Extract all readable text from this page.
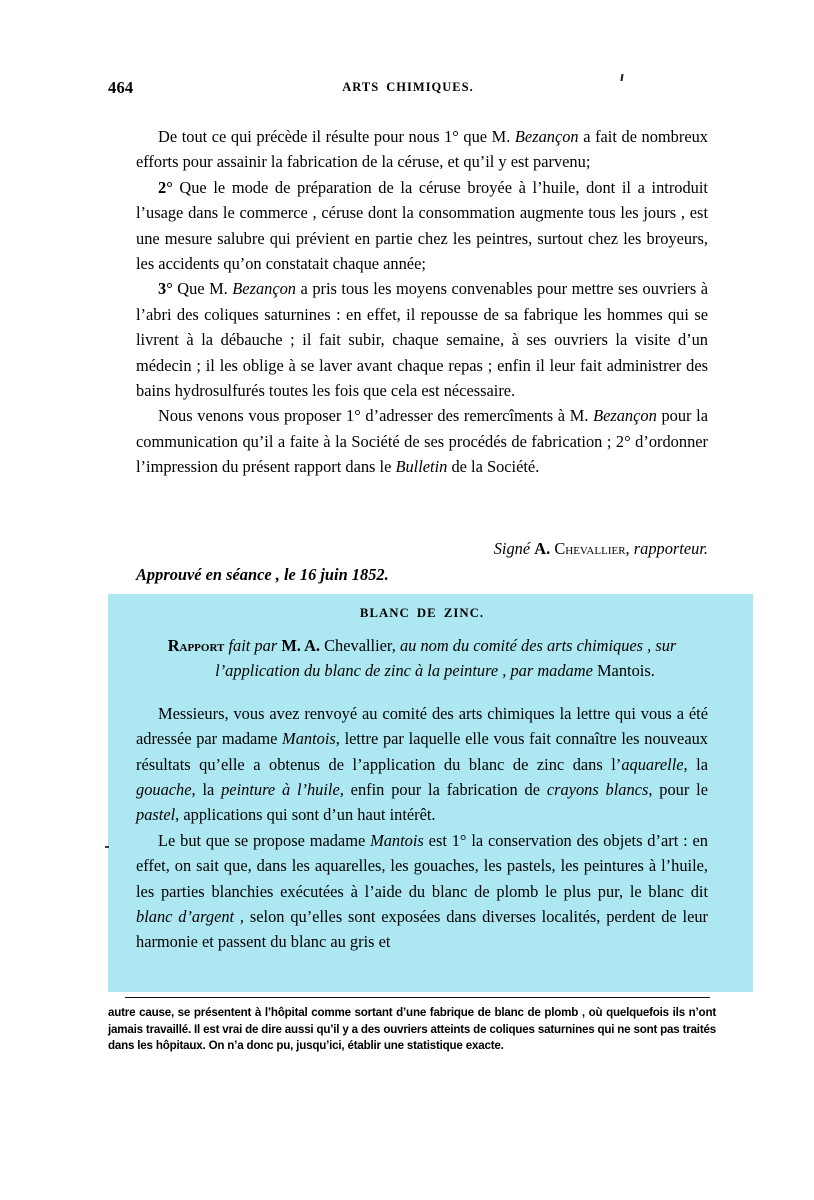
464	ARTS CHIMIQUES.

De tout ce qui précède il résulte pour nous 1° que M. Bezançon a fait de nombreux efforts pour assainir la fabrication de la céruse, et qu’il y est parvenu;

2° Que le mode de préparation de la céruse broyée à l’huile, dont il a introduit l’usage dans le commerce , céruse dont la consommation augmente tous les jours , est une mesure salubre qui prévient en partie chez les peintres, surtout chez les broyeurs, les accidents qu’on constatait chaque année;

3° Que M. Bezançon a pris tous les moyens convenables pour mettre ses ouvriers à l’abri des coliques saturnines : en effet, il repousse de sa fabrique les hommes qui se livrent à la débauche ; il fait subir, chaque semaine, à ses ouvriers la visite d’un médecin ; il les oblige à se laver avant chaque repas ; enfin il leur fait administrer des bains hydrosulfurés toutes les fois que cela est nécessaire.

Nous venons vous proposer 1° d’adresser des remercîments à M. Bezançon pour la communication qu’il a faite à la Société de ses procédés de fabrication ; 2° d’ordonner l’impression du présent rapport dans le Bulletin de la Société.

Signé A. Chevallier, rapporteur.
Approuvé en séance , le 16 juin 1852.
BLANC DE ZINC.
Rapport fait par M. A. Chevallier, au nom du comité des arts chimiques , sur l’application du blanc de zinc à la peinture , par madame Mantois.

Messieurs, vous avez renvoyé au comité des arts chimiques la lettre qui vous a été adressée par madame Mantois, lettre par laquelle elle vous fait connaître les nouveaux résultats qu’elle a obtenus de l’application du blanc de zinc dans l’aquarelle, la gouache, la peinture à l’huile, enfin pour la fabrication de crayons blancs, pour le pastel, applications qui sont d’un haut intérêt.

Le but que se propose madame Mantois est 1° la conservation des objets d’art : en effet, on sait que, dans les aquarelles, les gouaches, les pastels, les peintures à l’huile, les parties blanchies exécutées à l’aide du blanc de plomb le plus pur, le blanc dit blanc d’argent , selon qu’elles sont exposées dans diverses localités, perdent de leur harmonie et passent du blanc au gris et

autre cause, se présentent à l’hôpital comme sortant d’une fabrique de blanc de plomb , où quelquefois ils n’ont jamais travaillé. Il est vrai de dire aussi qu’il y a des ouvriers atteints de coliques saturnines qui ne sont pas traités dans les hôpitaux. On n’a donc pu, jusqu’ici, établir une statistique exacte.
